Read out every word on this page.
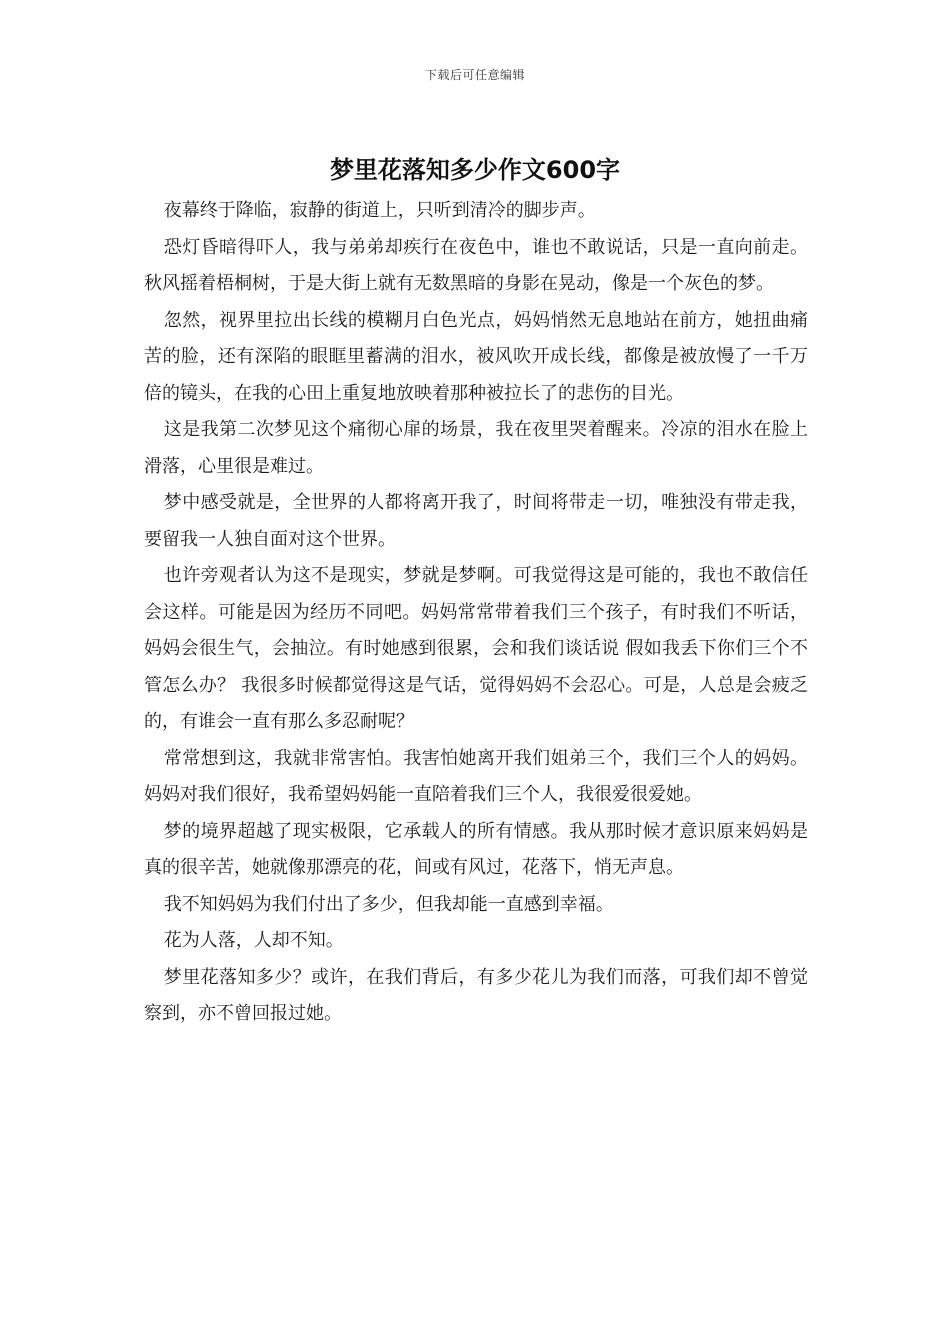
下载后可任意编辑
梦里花落知多少作文600字

夜幕终于降临，寂静的街道上，只听到清冷的脚步声。

恐灯昏暗得吓人，我与弟弟却疾行在夜色中，谁也不敢说话，只是一直向前走。秋风摇着梧桐树，于是大街上就有无数黑暗的身影在晃动，像是一个灰色的梦。

忽然，视界里拉出长线的模糊月白色光点，妈妈悄然无息地站在前方，她扭曲痛苦的脸，还有深陷的眼眶里蓄满的泪水，被风吹开成长线，都像是被放慢了一千万倍的镜头，在我的心田上重复地放映着那种被拉长了的悲伤的目光。

这是我第二次梦见这个痛彻心扉的场景，我在夜里哭着醒来。冷凉的泪水在脸上滑落，心里很是难过。

梦中感受就是，全世界的人都将离开我了，时间将带走一切，唯独没有带走我，要留我一人独自面对这个世界。

也许旁观者认为这不是现实，梦就是梦啊。可我觉得这是可能的，我也不敢信任会这样。可能是因为经历不同吧。妈妈常常带着我们三个孩子，有时我们不听话，妈妈会很生气，会抽泣。有时她感到很累，会和我们谈话说 假如我丢下你们三个不管怎么办？ 我很多时候都觉得这是气话，觉得妈妈不会忍心。可是，人总是会疲乏的，有谁会一直有那么多忍耐呢？

常常想到这，我就非常害怕。我害怕她离开我们姐弟三个，我们三个人的妈妈。妈妈对我们很好，我希望妈妈能一直陪着我们三个人，我很爱很爱她。

梦的境界超越了现实极限，它承载人的所有情感。我从那时候才意识原来妈妈是真的很辛苦，她就像那漂亮的花，间或有风过，花落下，悄无声息。

我不知妈妈为我们付出了多少，但我却能一直感到幸福。

花为人落，人却不知。

梦里花落知多少？或许，在我们背后，有多少花儿为我们而落，可我们却不曾觉察到，亦不曾回报过她。
